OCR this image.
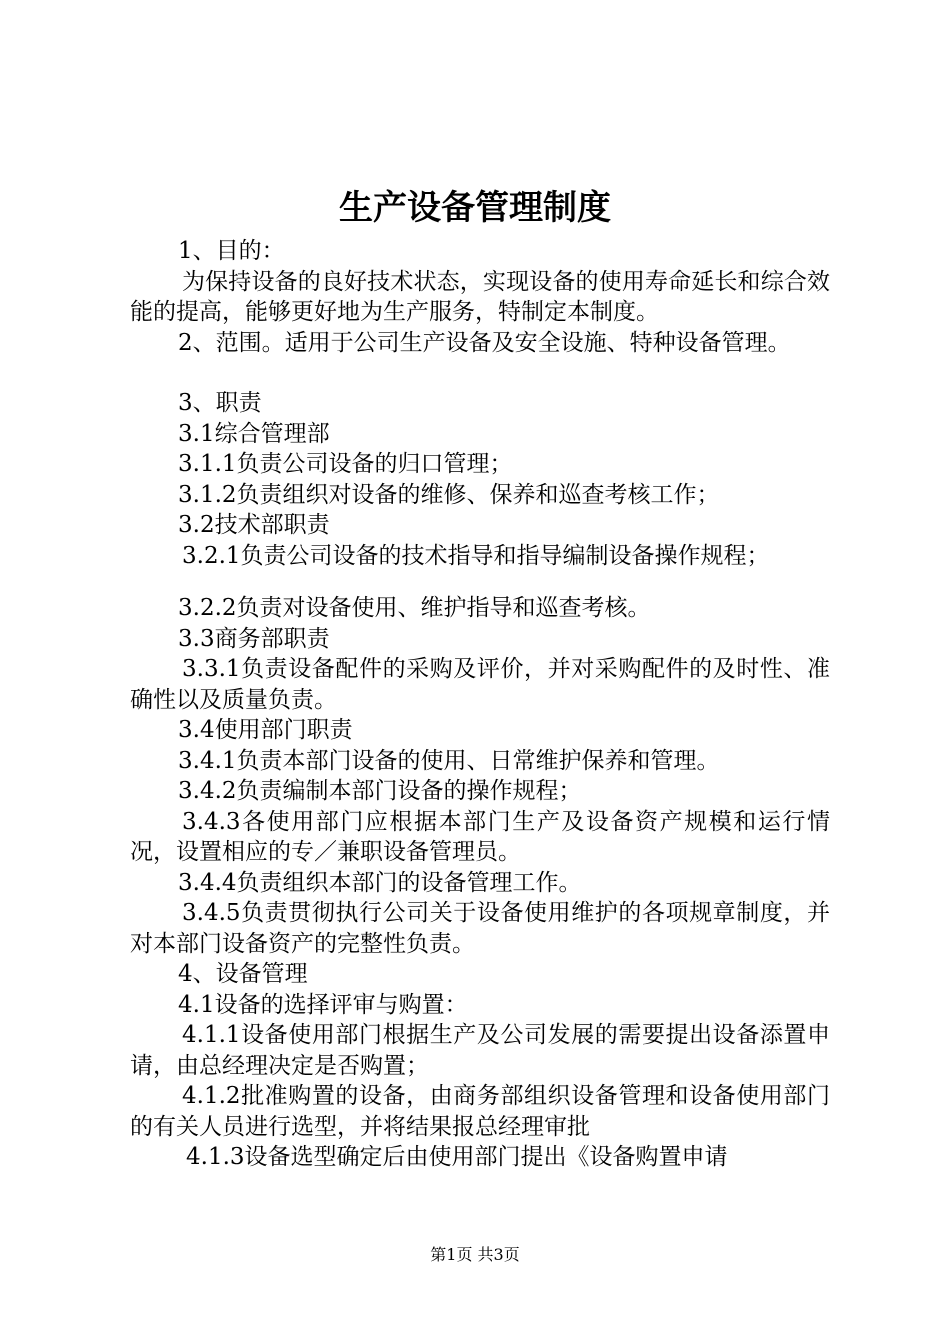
生产设备管理制度

1、目的：

为保持设备的良好技术状态，实现设备的使用寿命延长和综合效能的提高，能够更好地为生产服务，特制定本制度。

2、范围。适用于公司生产设备及安全设施、特种设备管理。

3、职责

3.1综合管理部

3.1.1负责公司设备的归口管理；

3.1.2负责组织对设备的维修、保养和巡查考核工作；

3.2技术部职责

3.2.1负责公司设备的技术指导和指导编制设备操作规程；

3.2.2负责对设备使用、维护指导和巡查考核。

3.3商务部职责

3.3.1负责设备配件的采购及评价，并对采购配件的及时性、准确性以及质量负责。

3.4使用部门职责

3.4.1负责本部门设备的使用、日常维护保养和管理。

3.4.2负责编制本部门设备的操作规程；

3.4.3各使用部门应根据本部门生产及设备资产规模和运行情况，设置相应的专／兼职设备管理员。

3.4.4负责组织本部门的设备管理工作。

3.4.5负责贯彻执行公司关于设备使用维护的各项规章制度，并对本部门设备资产的完整性负责。

4、设备管理

4.1设备的选择评审与购置：

4.1.1设备使用部门根据生产及公司发展的需要提出设备添置申请，由总经理决定是否购置；

4.1.2批准购置的设备，由商务部组织设备管理和设备使用部门的有关人员进行选型，并将结果报总经理审批

4.1.3设备选型确定后由使用部门提出《设备购置申请

第1页 共3页
